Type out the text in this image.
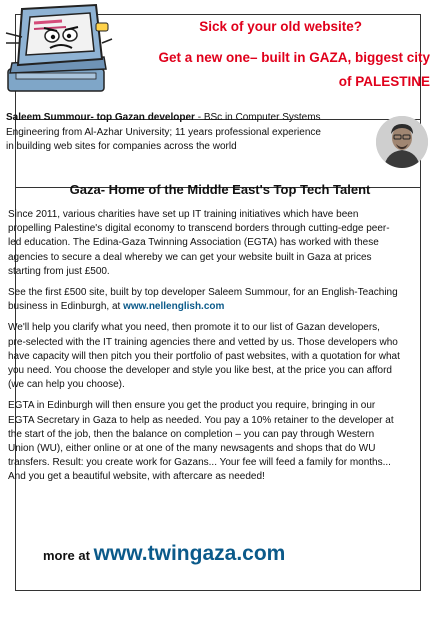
Sick of your old website?
Get a new one– built in GAZA, biggest city
of PALESTINE
Saleem Summour- top Gazan developer - BSc in Computer Systems Engineering from Al-Azhar University; 11 years professional experience in building web sites for companies across the world
Gaza- Home of the Middle East's Top Tech Talent

Since 2011, various charities have set up IT training initiatives which have been propelling Palestine's digital economy to transcend borders through cutting-edge peer-led education. The Edina-Gaza Twinning Association (EGTA) has worked with these agencies to secure a deal whereby we can get your website built in Gaza at prices starting from just £500.

See the first £500 site, built by top developer Saleem Summour, for an English-Teaching business in Edinburgh, at www.nellenglish.com

We'll help you clarify what you need, then promote it to our list of Gazan developers, pre-selected with the IT training agencies there and vetted by us. Those developers who have capacity will then pitch you their portfolio of past websites, with a quotation for what you need. You choose the developer and style you like best, at the price you can afford (we can help you choose).

EGTA in Edinburgh will then ensure you get the product you require, bringing in our EGTA Secretary in Gaza to help as needed. You pay a 10% retainer to the developer at the start of the job, then the balance on completion – you can pay through Western Union (WU), either online or at one of the many newsagents and shops that do WU transfers. Result: you create work for Gazans... Your fee will feed a family for months... And you get a beautiful website, with aftercare as needed!

more at www.twingaza.com
